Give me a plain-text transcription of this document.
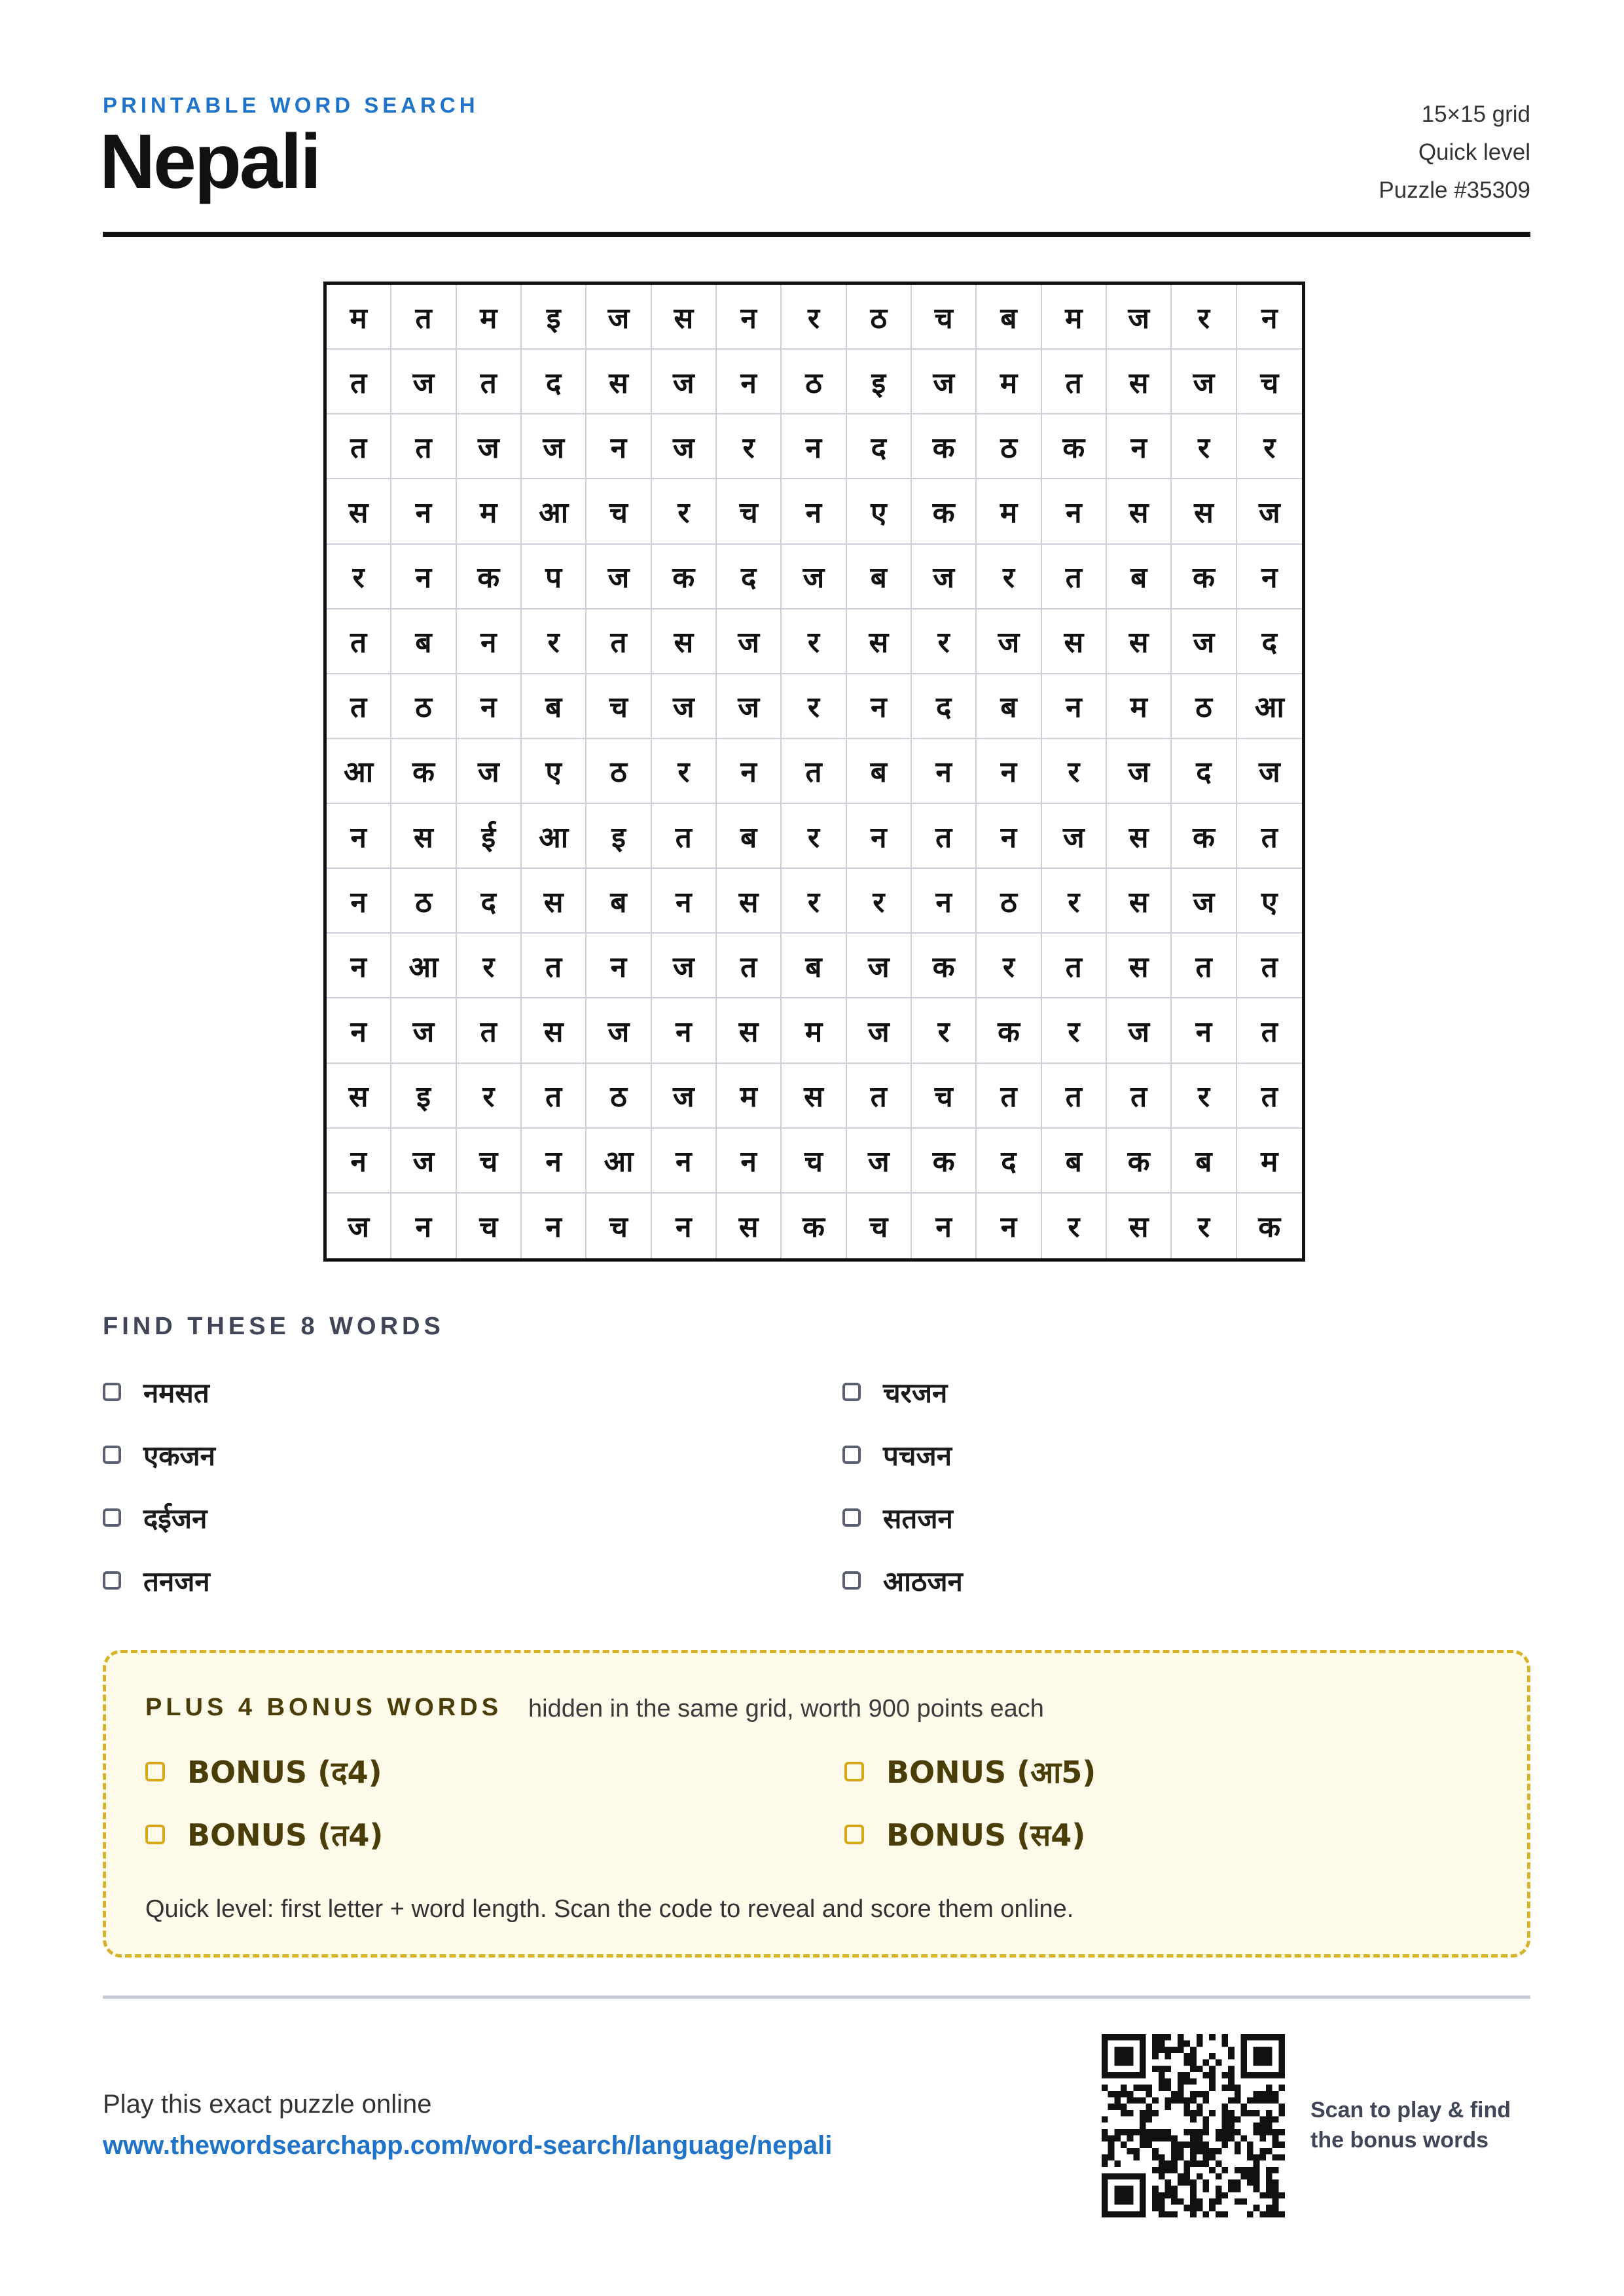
PRINTABLE WORD SEARCH
Nepali
15×15 grid
Quick level
Puzzle #35309
म	त	म	इ	ज	स	न	र	ठ	च	ब	म	ज	र	न
त	ज	त	द	स	ज	न	ठ	इ	ज	म	त	स	ज	च
त	त	ज	ज	न	ज	र	न	द	क	ठ	क	न	र	र
स	न	म	आ	च	र	च	न	ए	क	म	न	स	स	ज
र	न	क	प	ज	क	द	ज	ब	ज	र	त	ब	क	न
त	ब	न	र	त	स	ज	र	स	र	ज	स	स	ज	द
त	ठ	न	ब	च	ज	ज	र	न	द	ब	न	म	ठ	आ
आ	क	ज	ए	ठ	र	न	त	ब	न	न	र	ज	द	ज
न	स	ई	आ	इ	त	ब	र	न	त	न	ज	स	क	त
न	ठ	द	स	ब	न	स	र	र	न	ठ	र	स	ज	ए
न	आ	र	त	न	ज	त	ब	ज	क	र	त	स	त	त
न	ज	त	स	ज	न	स	म	ज	र	क	र	ज	न	त
स	इ	र	त	ठ	ज	म	स	त	च	त	त	त	र	त
न	ज	च	न	आ	न	न	च	ज	क	द	ब	क	ब	म
ज	न	च	न	च	न	स	क	च	न	न	र	स	र	क
FIND THESE 8 WORDS
नमसत	चरजन
एकजन	पचजन
दईजन	सतजन
तनजन	आठजन
PLUS 4 BONUS WORDS hidden in the same grid, worth 900 points each
BONUS (द4)	BONUS (आ5)
BONUS (त4)	BONUS (स4)
Quick level: first letter + word length. Scan the code to reveal and score them online.
Play this exact puzzle online
www.thewordsearchapp.com/word-search/language/nepali
Scan to play & find
the bonus words
